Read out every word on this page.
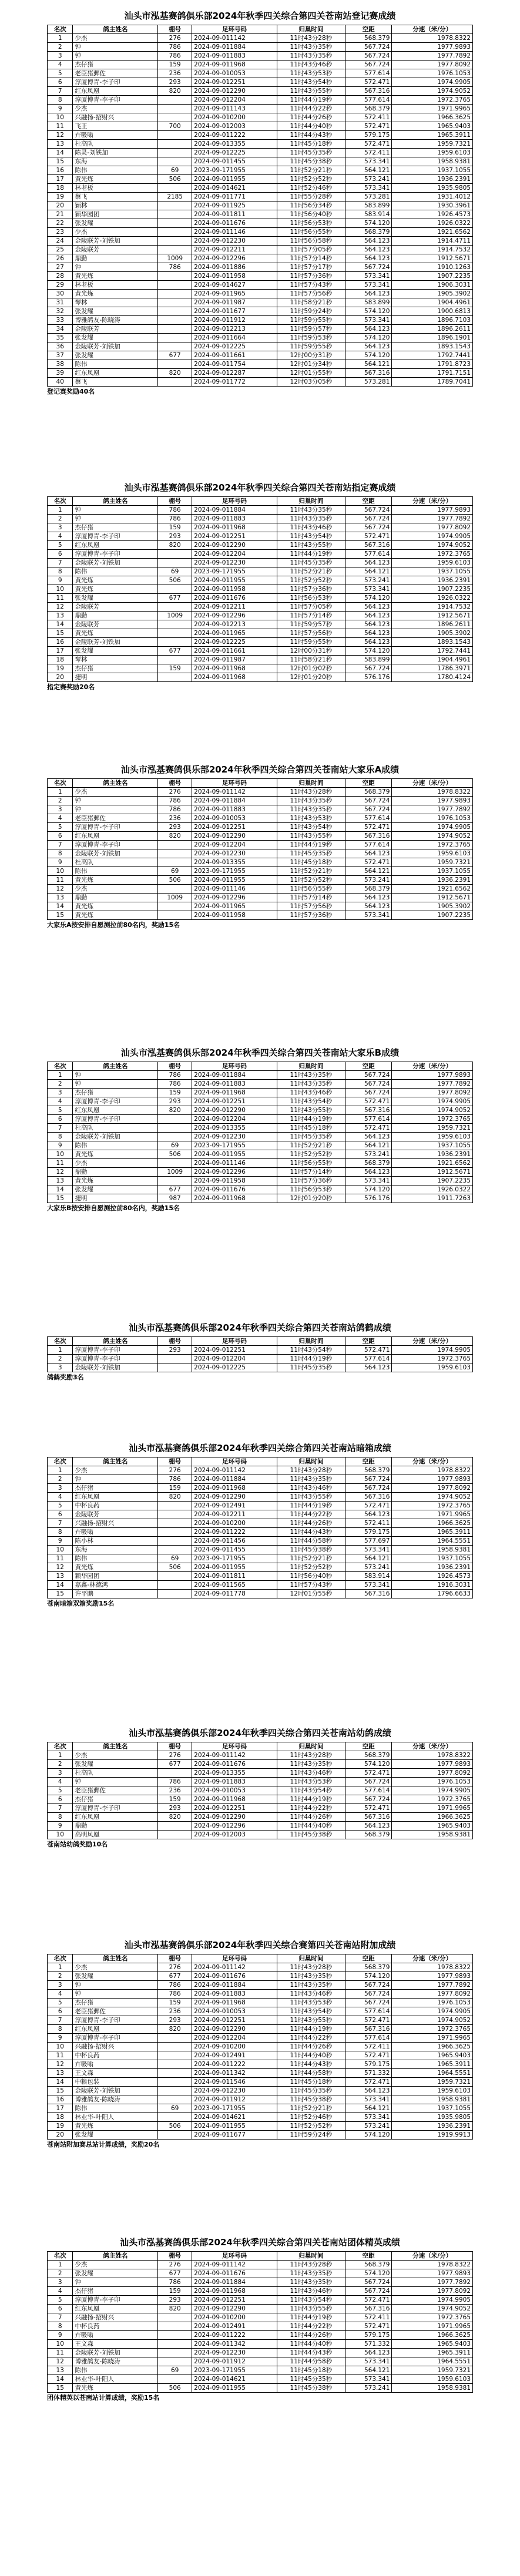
汕头市泓基赛鸽俱乐部2024年秋季四关综合第四关苍南站登记赛成绩
名次	鸽主姓名	棚号	足环号码	归巢时间	空距	分速（米/分）
1	少杰	276	2024-09-011142	11时43分28秒	568.379	1978.8322
2	钟	786	2024-09-011884	11时43分35秒	567.724	1977.9893
3	钟	786	2024-09-011883	11时43分35秒	567.724	1977.7892
4	杰仔猪	159	2024-09-011968	11时43分46秒	567.724	1977.8092
5	老臣猪郵佐	236	2024-09-010053	11时43分53秒	577.614	1976.1053
6	淳厦博青-李子印	293	2024-09-012251	11时43分54秒	572.471	1974.9905
7	红东凤凰	820	2024-09-012290	11时43分55秒	567.316	1974.9052
8	淳厦博青-李子印		2024-09-012204	11时44分19秒	577.614	1972.3765
9	少杰		2024-09-011143	11时44分22秒	568.379	1971.9965
10	兴融扬-招财兴		2024-09-010200	11时44分26秒	572.411	1966.3625
11	飞王	700	2024-09-012003	11时44分40秒	572.471	1965.9403
12	卉吸嗡		2024-09-011222	11时44分43秒	579.175	1965.3911
13	杜高队		2024-09-013355	11时45分18秒	572.471	1959.7321
14	陈灵-刘铁加		2024-09-012225	11时45分35秒	572.411	1959.6103
15	东海		2024-09-011455	11时45分38秒	573.341	1958.9381
16	陈伟	69	2023-09-171955	11时52分21秒	564.121	1937.1055
17	黄光炼	506	2024-09-011955	11时52分52秒	573.241	1936.2391
18	林老板		2024-09-014621	11时52分46秒	573.341	1935.9805
19	蔡飞	2185	2024-09-011771	11时55分28秒	573.281	1931.4012
20	颖林		2024-09-011925	11时56分34秒	583.899	1930.3961
21	颖华园团		2024-09-011811	11时56分40秒	583.914	1926.4573
22	张发耀		2024-09-011676	11时56分53秒	574.120	1926.0322
23	少杰		2024-09-011146	11时56分55秒	568.379	1921.6562
24	金陵联芳-刘铁加		2024-09-012230	11时56分58秒	564.123	1914.4711
25	金陵联芳		2024-09-012211	11时57分05秒	564.123	1914.7532
26	鼎勤	1009	2024-09-012296	11时57分14秒	564.123	1912.5671
27	钟	786	2024-09-011886	11时57分17秒	567.724	1910.1263
28	黄光炼		2024-09-011958	11时57分36秒	573.341	1907.2235
29	林老板		2024-09-014627	11时57分43秒	573.341	1906.3031
30	黄光炼		2024-09-011965	11时57分56秒	564.123	1905.3902
31	琴林		2024-09-011987	11时58分21秒	583.899	1904.4961
32	张发耀		2024-09-011677	11时59分24秒	574.120	1900.6813
33	博雅鸽友-陈晓涛		2024-09-011912	11时59分55秒	573.341	1896.7103
34	金陵联芳		2024-09-012213	11时59分57秒	564.123	1896.2611
35	张发耀		2024-09-011664	11时59分53秒	574.120	1896.1901
36	金陵联芳-刘铁加		2024-09-012225	11时59分55秒	564.123	1893.1543
37	张发耀	677	2024-09-011661	12时00分31秒	574.120	1792.7441
38	陈伟		2024-09-011754	12时01分34秒	564.121	1791.8723
39	红东凤凰	820	2024-09-012287	12时01分55秒	567.316	1791.7151
40	蔡飞		2024-09-011772	12时03分05秒	573.281	1789.7041
登记赛奖励40名
汕头市泓基赛鸽俱乐部2024年秋季四关综合第四关苍南站指定赛成绩
名次	鸽主姓名	棚号	足环号码	归巢时间	空距	分速（米/分）
1	钟	786	2024-09-011884	11时43分35秒	567.724	1977.9893
2	钟	786	2024-09-011883	11时43分35秒	567.724	1977.7892
3	杰仔猪	159	2024-09-011968	11时43分46秒	567.724	1977.8092
4	淳厦博青-李子印	293	2024-09-012251	11时43分54秒	572.471	1974.9905
5	红东凤凰	820	2024-09-012290	11时43分55秒	567.316	1974.9052
6	淳厦博青-李子印		2024-09-012204	11时44分19秒	577.614	1972.3765
7	金陵联芳-刘铁加		2024-09-012230	11时45分35秒	564.123	1959.6103
8	陈伟	69	2023-09-171955	11时52分21秒	564.121	1937.1055
9	黄光炼	506	2024-09-011955	11时52分52秒	573.241	1936.2391
10	黄光炼		2024-09-011958	11时57分36秒	573.341	1907.2235
11	张发耀	677	2024-09-011676	11时56分53秒	574.120	1926.0322
12	金陵联芳		2024-09-012211	11时57分05秒	564.123	1914.7532
13	鼎勤	1009	2024-09-012296	11时57分14秒	564.123	1912.5671
14	金陵联芳		2024-09-012213	11时59分57秒	564.123	1896.2611
15	黄光炼		2024-09-011965	11时57分56秒	564.123	1905.3902
16	金陵联芳-刘铁加		2024-09-012225	11时59分55秒	564.123	1893.1543
17	张发耀	677	2024-09-011661	12时00分31秒	574.120	1792.7441
18	琴林		2024-09-011987	11时58分21秒	583.899	1904.4961
19	杰仔猪	159	2024-09-011968	12时01分02秒	567.724	1786.3971
20	捷明		2024-09-011968	12时01分20秒	576.176	1780.4124
指定赛奖励20名
汕头市泓基赛鸽俱乐部2024年秋季四关综合第四关苍南站大家乐A成绩
名次	鸽主姓名	棚号	足环号码	归巢时间	空距	分速（米/分）
1	少杰	276	2024-09-011142	11时43分28秒	568.379	1978.8322
2	钟	786	2024-09-011884	11时43分35秒	567.724	1977.9893
3	钟	786	2024-09-011883	11时43分35秒	567.724	1977.7892
4	老臣猪郵佐	236	2024-09-010053	11时43分53秒	577.614	1976.1053
5	淳厦博青-李子印	293	2024-09-012251	11时43分54秒	572.471	1974.9905
6	红东凤凰	820	2024-09-012290	11时43分55秒	567.316	1974.9052
7	淳厦博青-李子印		2024-09-012204	11时44分19秒	577.614	1972.3765
8	金陵联芳-刘铁加		2024-09-012230	11时45分35秒	564.123	1959.6103
9	杜高队		2024-09-013355	11时45分18秒	572.471	1959.7321
10	陈伟	69	2023-09-171955	11时52分21秒	564.121	1937.1055
11	黄光炼	506	2024-09-011955	11时52分52秒	573.241	1936.2391
12	少杰		2024-09-011146	11时56分55秒	568.379	1921.6562
13	鼎勤	1009	2024-09-012296	11时57分14秒	564.123	1912.5671
14	黄光炼		2024-09-011965	11时57分56秒	564.123	1905.3902
15	黄光炼		2024-09-011958	11时57分36秒	573.341	1907.2235
大家乐A按安排自愿测拉前80名内，奖励15名
汕头市泓基赛鸽俱乐部2024年秋季四关综合第四关苍南站大家乐B成绩
名次	鸽主姓名	棚号	足环号码	归巢时间	空距	分速（米/分）
1	钟	786	2024-09-011884	11时43分35秒	567.724	1977.9893
2	钟	786	2024-09-011883	11时43分35秒	567.724	1977.7892
3	杰仔猪	159	2024-09-011968	11时43分46秒	567.724	1977.8092
4	淳厦博青-李子印	293	2024-09-012251	11时43分54秒	572.471	1974.9905
5	红东凤凰	820	2024-09-012290	11时43分55秒	567.316	1974.9052
6	淳厦博青-李子印		2024-09-012204	11时44分19秒	577.614	1972.3765
7	杜高队		2024-09-013355	11时45分18秒	572.471	1959.7321
8	金陵联芳-刘铁加		2024-09-012230	11时45分35秒	564.123	1959.6103
9	陈伟	69	2023-09-171955	11时52分21秒	564.121	1937.1055
10	黄光炼	506	2024-09-011955	11时52分52秒	573.241	1936.2391
11	少杰		2024-09-011146	11时56分55秒	568.379	1921.6562
12	鼎勤	1009	2024-09-012296	11时57分14秒	564.123	1912.5671
13	黄光炼		2024-09-011958	11时57分36秒	573.341	1907.2235
14	张发耀	677	2024-09-011676	11时56分53秒	574.120	1926.0322
15	捷明	987	2024-09-011968	12时01分20秒	576.176	1911.7263
大家乐B按安排自愿测拉前80名内，奖励15名
汕头市泓基赛鸽俱乐部2024年秋季四关综合第四关苍南站鸽鹤成绩
名次	鸽主姓名	棚号	足环号码	归巢时间	空距	分速（米/分）
1	淳厦博青-李子印	293	2024-09-012251	11时43分54秒	572.471	1974.9905
2	淳厦博青-李子印		2024-09-012204	11时44分19秒	577.614	1972.3765
3	金陵联芳-刘铁加		2024-09-012225	11时45分35秒	564.123	1959.6103
鸽鹤奖励3名
汕头市泓基赛鸽俱乐部2024年秋季四关综合第四关苍南站暗箱成绩
名次	鸽主姓名	棚号	足环号码	归巢时间	空距	分速（米/分）
1	少杰	276	2024-09-011142	11时43分28秒	568.379	1978.8322
2	钟	786	2024-09-011884	11时43分35秒	567.724	1977.9893
3	杰仔猪	159	2024-09-011968	11时43分46秒	567.724	1977.8092
4	红东凤凰	820	2024-09-012290	11时43分55秒	567.316	1974.9052
5	中杯良药		2024-09-012491	11时44分19秒	572.471	1972.3765
6	金陵联芳		2024-09-012211	11时44分22秒	564.123	1971.9965
7	兴融扬-招财兴		2024-09-010200	11时44分26秒	572.411	1966.3625
8	卉吸嗡		2024-09-011222	11时44分43秒	579.175	1965.3911
9	陈小林		2024-09-011456	11时44分58秒	577.697	1964.5551
10	东海		2024-09-011455	11时45分38秒	573.341	1958.9381
11	陈伟	69	2023-09-171955	11时52分21秒	564.121	1937.1055
12	黄光炼	506	2024-09-011955	11时52分52秒	573.241	1936.2391
13	颖华园团		2024-09-011811	11时56分40秒	583.914	1926.4573
14	嘉鑫-林德鸿		2024-09-011565	11时57分43秒	573.341	1916.3031
15	许平鹏		2024-09-011778	12时01分55秒	567.316	1796.6633
苍南暗箱双箱奖励15名
汕头市泓基赛鸽俱乐部2024年秋季四关综合第四关苍南站幼鸽成绩
名次	鸽主姓名	棚号	足环号码	归巢时间	空距	分速（米/分）
1	少杰	276	2024-09-011142	11时43分28秒	568.379	1978.8322
2	张发耀	677	2024-09-011676	11时43分35秒	574.120	1977.9893
3	杜高队		2024-09-013355	11时43分46秒	572.471	1977.8092
4	钟	786	2024-09-011883	11时43分53秒	567.724	1976.1053
5	老臣猪郵佐	236	2024-09-010053	11时43分54秒	577.614	1974.9905
6	杰仔猪	159	2024-09-011968	11时44分19秒	567.724	1972.3765
7	淳厦博青-李子印	293	2024-09-012251	11时44分22秒	572.471	1971.9965
8	红东凤凰	820	2024-09-012290	11时44分26秒	567.316	1966.3625
9	鼎勤		2024-09-012296	11时44分40秒	564.123	1965.9403
10	高明凤凰		2024-09-012003	11时45分38秒	568.379	1958.9381
苍南站幼鸽奖励10名
汕头市泓基赛鸽俱乐部2024年秋季四关综合赛第四关苍南站附加成绩
名次	鸽主姓名	棚号	足环号码	归巢时间	空距	分速（米/分）
1	少杰	276	2024-09-011142	11时43分28秒	568.379	1978.8322
2	张发耀	677	2024-09-011676	11时43分35秒	574.120	1977.9893
3	钟	786	2024-09-011884	11时43分35秒	567.724	1977.7892
4	钟	786	2024-09-011883	11时43分46秒	567.724	1977.8092
5	杰仔猪	159	2024-09-011968	11时43分53秒	567.724	1976.1053
6	老臣猪郵佐	236	2024-09-010053	11时43分54秒	577.614	1974.9905
7	淳厦博青-李子印	293	2024-09-012251	11时43分55秒	572.471	1974.9052
8	红东凤凰	820	2024-09-012290	11时44分19秒	567.316	1972.3765
9	淳厦博青-李子印		2024-09-012204	11时44分22秒	577.614	1971.9965
10	兴融扬-招财兴		2024-09-010200	11时44分26秒	572.411	1966.3625
11	中杯良药		2024-09-012491	11时44分40秒	572.471	1965.9403
12	卉吸嗡		2024-09-011222	11时44分43秒	579.175	1965.3911
13	王文森		2024-09-011342	11时44分58秒	571.332	1964.5551
14	中粮包装		2024-09-011546	11时45分18秒	572.471	1959.7321
15	金陵联芳-刘铁加		2024-09-012230	11时45分35秒	564.123	1959.6103
16	博雅鸽友-陈晓涛		2024-09-011912	11时45分38秒	573.341	1958.9381
17	陈伟	69	2023-09-171955	11时52分21秒	564.121	1937.1055
18	林业华-叶阳人		2024-09-014621	11时52分46秒	573.341	1935.9805
19	黄光炼	506	2024-09-011955	11时52分52秒	573.241	1936.2391
20	张发耀		2024-09-011677	11时59分24秒	574.120	1919.9913
苍南站附加赛总站计算成绩，奖励20名
汕头市泓基赛鸽俱乐部2024年秋季四关综合第四关苍南站团体精英成绩
名次	鸽主姓名	棚号	足环号码	归巢时间	空距	分速（米/分）
1	少杰	276	2024-09-011142	11时43分28秒	568.379	1978.8322
2	张发耀	677	2024-09-011676	11时43分35秒	574.120	1977.9893
3	钟	786	2024-09-011884	11时43分35秒	567.724	1977.7892
4	杰仔猪	159	2024-09-011968	11时43分46秒	567.724	1977.8092
5	淳厦博青-李子印	293	2024-09-012251	11时43分54秒	572.471	1974.9905
6	红东凤凰	820	2024-09-012290	11时43分55秒	567.316	1974.9052
7	兴融扬-招财兴		2024-09-010200	11时44分19秒	572.411	1972.3765
8	中杯良药		2024-09-012491	11时44分22秒	572.471	1971.9965
9	卉吸嗡		2024-09-011222	11时44分26秒	579.175	1966.3625
10	王文森		2024-09-011342	11时44分40秒	571.332	1965.9403
11	金陵联芳-刘铁加		2024-09-012230	11时44分43秒	564.123	1965.3911
12	博雅鸽友-陈晓涛		2024-09-011912	11时44分58秒	573.341	1964.5551
13	陈伟	69	2023-09-171955	11时45分18秒	564.121	1959.7321
14	林业华-叶阳人		2024-09-014621	11时45分35秒	573.341	1959.6103
15	黄光炼	506	2024-09-011955	11时45分38秒	573.241	1958.9381
团体精英以苍南站计算成绩，奖励15名
